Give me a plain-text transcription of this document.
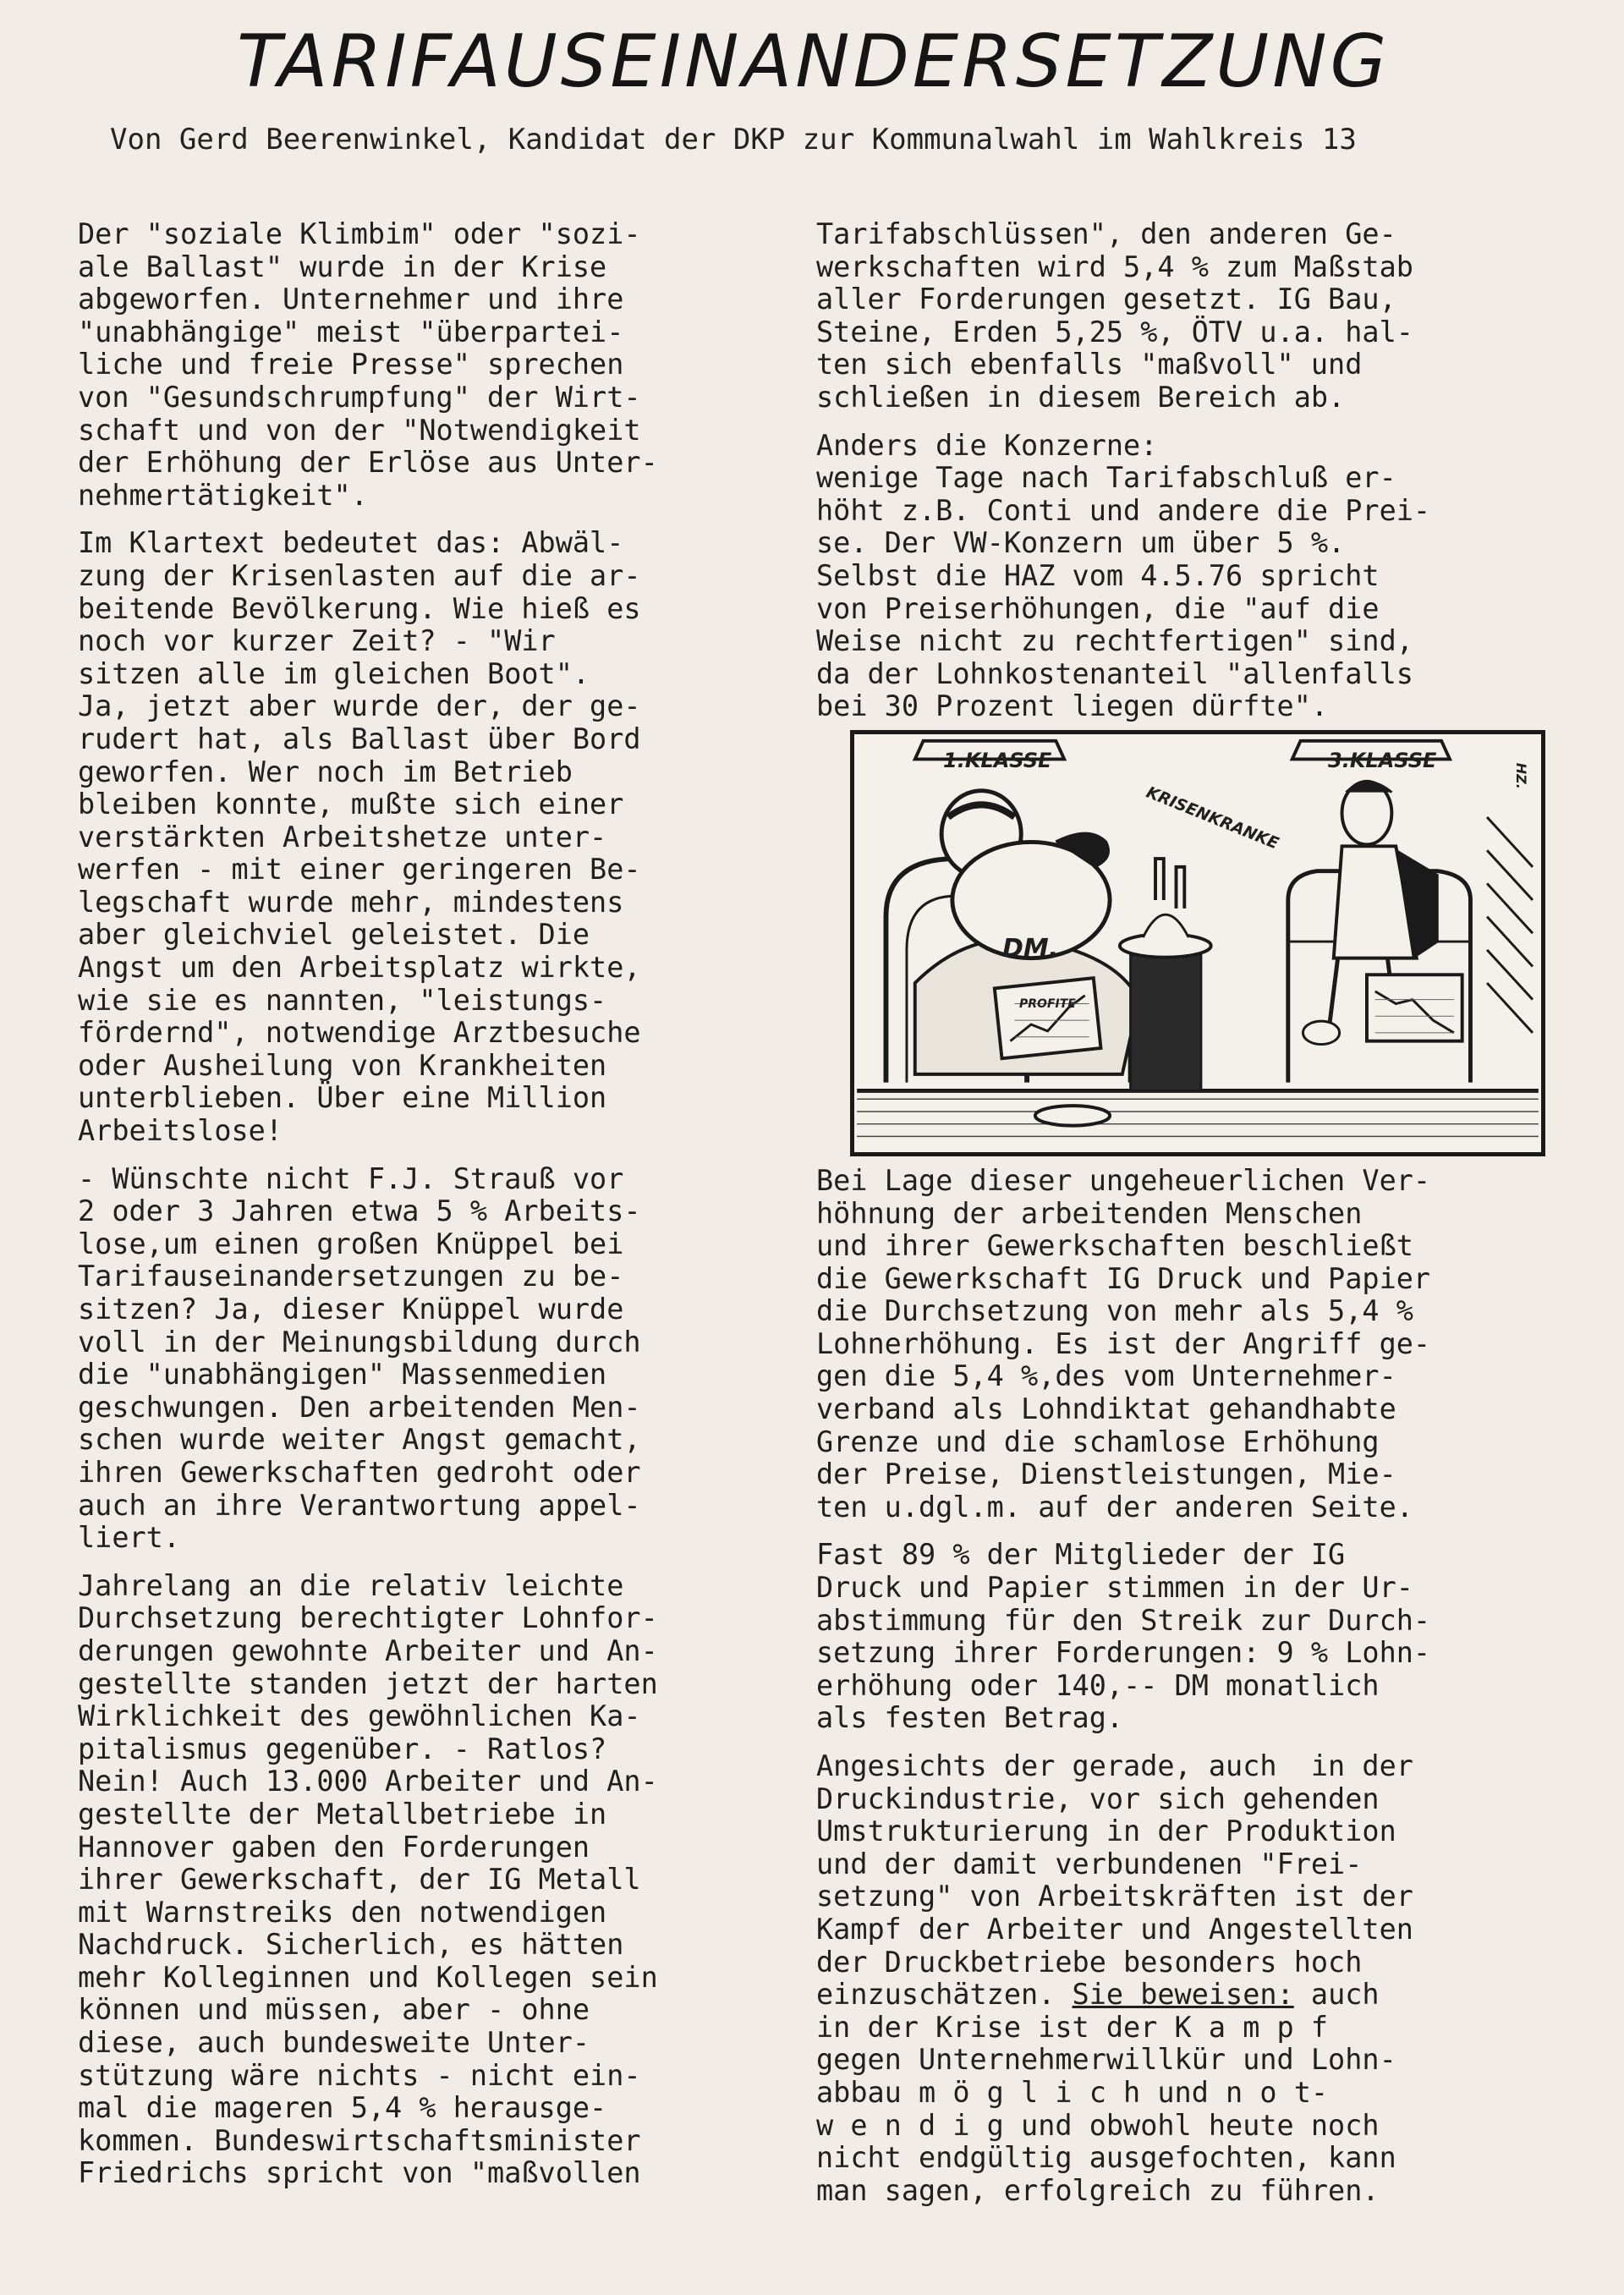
TARIFAUSEINANDERSETZUNG
Von Gerd Beerenwinkel, Kandidat der DKP zur Kommunalwahl im Wahlkreis 13

Der "soziale Klimbim" oder "sozi-
ale Ballast" wurde in der Krise
abgeworfen. Unternehmer und ihre
"unabhängige" meist "überpartei-
liche und freie Presse" sprechen
von "Gesundschrumpfung" der Wirt-
schaft und von der "Notwendigkeit
der Erhöhung der Erlöse aus Unter-
nehmertätigkeit".

Im Klartext bedeutet das: Abwäl-
zung der Krisenlasten auf die ar-
beitende Bevölkerung. Wie hieß es
noch vor kurzer Zeit? - "Wir
sitzen alle im gleichen Boot".
Ja, jetzt aber wurde der, der ge-
rudert hat, als Ballast über Bord
geworfen. Wer noch im Betrieb
bleiben konnte, mußte sich einer
verstärkten Arbeitshetze unter-
werfen - mit einer geringeren Be-
legschaft wurde mehr, mindestens
aber gleichviel geleistet. Die
Angst um den Arbeitsplatz wirkte,
wie sie es nannten, "leistungs-
fördernd", notwendige Arztbesuche
oder Ausheilung von Krankheiten
unterblieben. Über eine Million
Arbeitslose!

- Wünschte nicht F.J. Strauß vor
2 oder 3 Jahren etwa 5 % Arbeits-
lose,um einen großen Knüppel bei
Tarifauseinandersetzungen zu be-
sitzen? Ja, dieser Knüppel wurde
voll in der Meinungsbildung durch
die "unabhängigen" Massenmedien
geschwungen. Den arbeitenden Men-
schen wurde weiter Angst gemacht,
ihren Gewerkschaften gedroht oder
auch an ihre Verantwortung appel-
liert.

Jahrelang an die relativ leichte
Durchsetzung berechtigter Lohnfor-
derungen gewohnte Arbeiter und An-
gestellte standen jetzt der harten
Wirklichkeit des gewöhnlichen Ka-
pitalismus gegenüber. - Ratlos?
Nein! Auch 13.000 Arbeiter und An-
gestellte der Metallbetriebe in
Hannover gaben den Forderungen
ihrer Gewerkschaft, der IG Metall
mit Warnstreiks den notwendigen
Nachdruck. Sicherlich, es hätten
mehr Kolleginnen und Kollegen sein
können und müssen, aber - ohne
diese, auch bundesweite Unter-
stützung wäre nichts - nicht ein-
mal die mageren 5,4 % herausge-
kommen. Bundeswirtschaftsminister
Friedrichs spricht von "maßvollen

Tarifabschlüssen", den anderen Ge-
werkschaften wird 5,4 % zum Maßstab
aller Forderungen gesetzt. IG Bau,
Steine, Erden 5,25 %, ÖTV u.a. hal-
ten sich ebenfalls "maßvoll" und
schließen in diesem Bereich ab.

Anders die Konzerne:
wenige Tage nach Tarifabschluß er-
höht z.B. Conti und andere die Prei-
se. Der VW-Konzern um über 5 %.
Selbst die HAZ vom 4.5.76 spricht
von Preiserhöhungen, die "auf die
Weise nicht zu rechtfertigen" sind,
da der Lohnkostenanteil "allenfalls
bei 30 Prozent liegen dürfte".

1.KLASSE	3.KLASSE
KRISENKRANKE
DM.
PROFITE
HZ.

Bei Lage dieser ungeheuerlichen Ver-
höhnung der arbeitenden Menschen
und ihrer Gewerkschaften beschließt
die Gewerkschaft IG Druck und Papier
die Durchsetzung von mehr als 5,4 %
Lohnerhöhung. Es ist der Angriff ge-
gen die 5,4 %,des vom Unternehmer-
verband als Lohndiktat gehandhabte
Grenze und die schamlose Erhöhung
der Preise, Dienstleistungen, Mie-
ten u.dgl.m. auf der anderen Seite.

Fast 89 % der Mitglieder der IG
Druck und Papier stimmen in der Ur-
abstimmung für den Streik zur Durch-
setzung ihrer Forderungen: 9 % Lohn-
erhöhung oder 140,-- DM monatlich
als festen Betrag.

Angesichts der gerade, auch  in der
Druckindustrie, vor sich gehenden
Umstrukturierung in der Produktion
und der damit verbundenen "Frei-
setzung" von Arbeitskräften ist der
Kampf der Arbeiter und Angestellten
der Druckbetriebe besonders hoch
einzuschätzen. Sie beweisen: auch
in der Krise ist der K a m p f
gegen Unternehmerwillkür und Lohn-
abbau m ö g l i c h und n o t-
w e n d i g und obwohl heute noch
nicht endgültig ausgefochten, kann
man sagen, erfolgreich zu führen.
